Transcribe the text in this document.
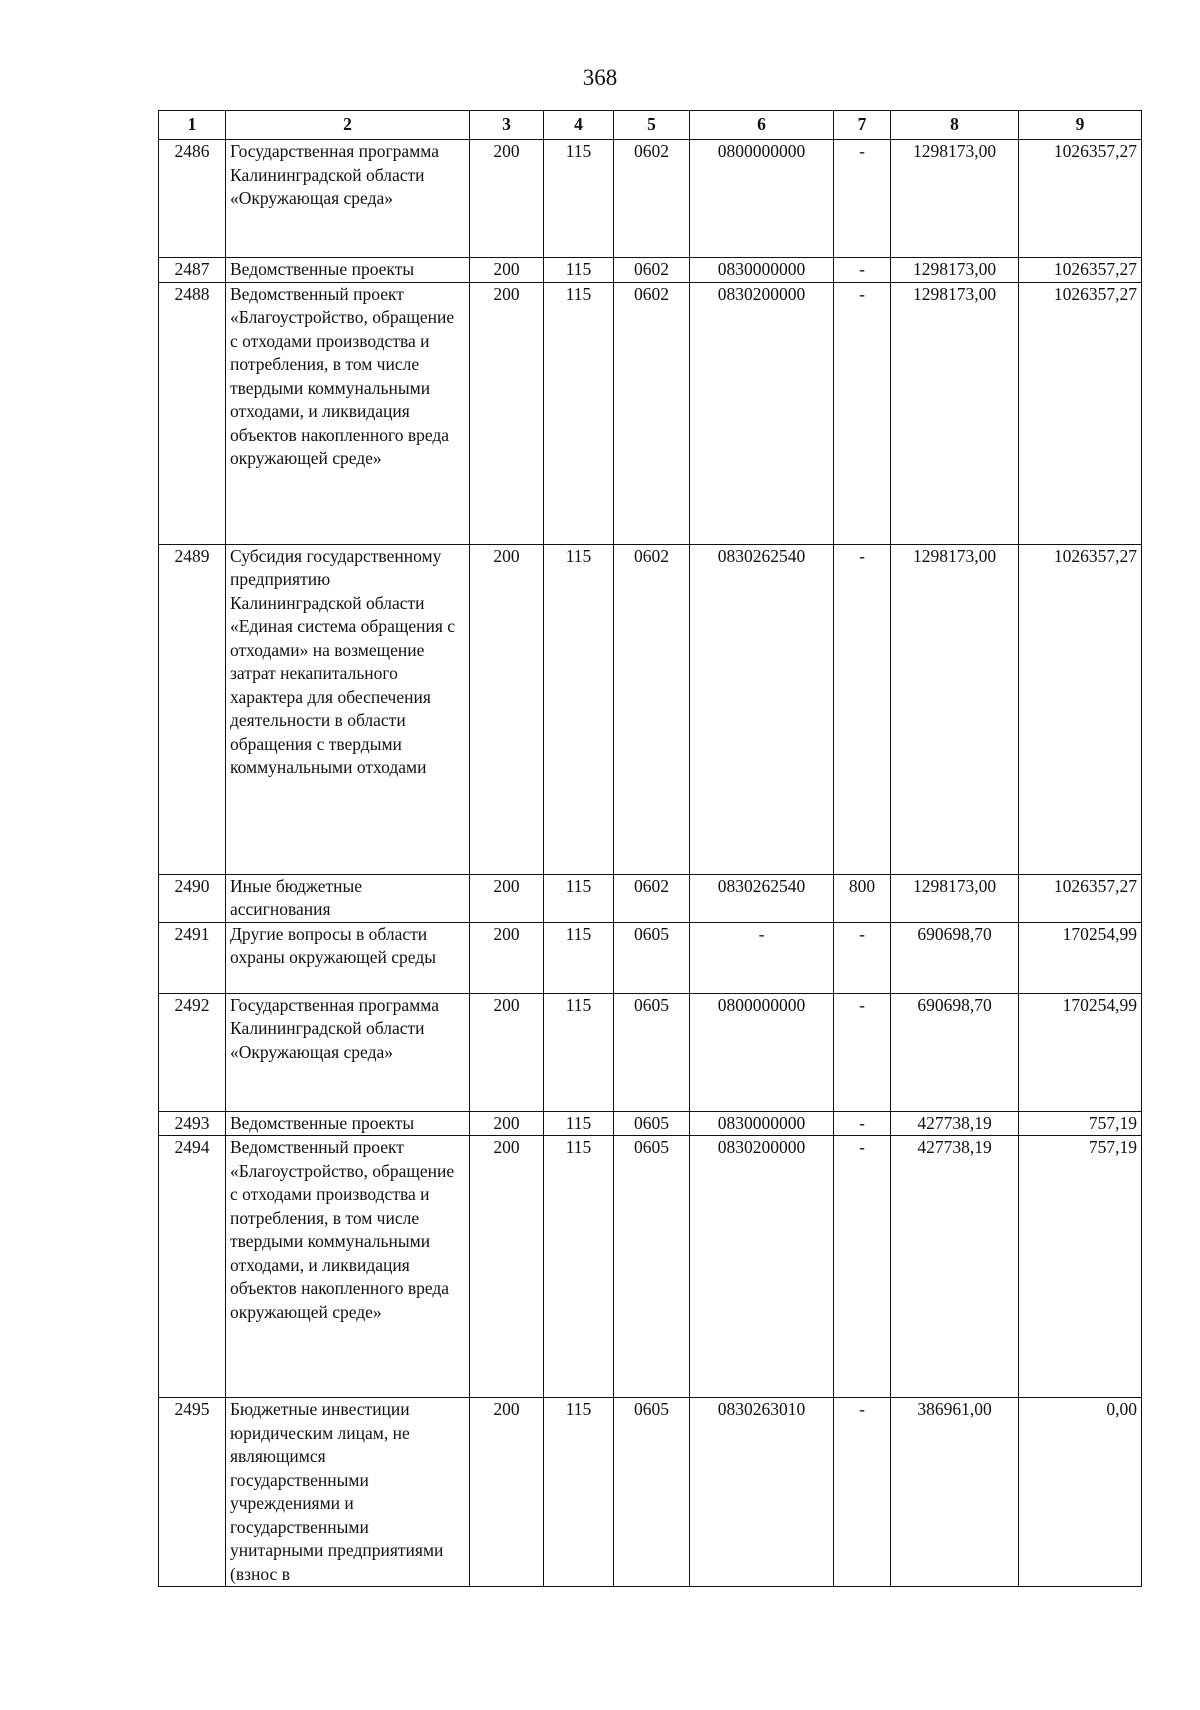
368
1	2	3	4	5	6	7	8	9
2486	Государственная программа Калининградской области «Окружающая среда»	200	115	0602	0800000000	-	1298173,00	1026357,27
2487	Ведомственные проекты	200	115	0602	0830000000	-	1298173,00	1026357,27
2488	Ведомственный проект «Благоустройство, обращение с отходами производства и потребления, в том числе твердыми коммунальными отходами, и ликвидация объектов накопленного вреда окружающей среде»	200	115	0602	0830200000	-	1298173,00	1026357,27
2489	Субсидия государственному предприятию Калининградской области «Единая система обращения с отходами» на возмещение затрат некапитального характера для обеспечения деятельности в области обращения с твердыми коммунальными отходами	200	115	0602	0830262540	-	1298173,00	1026357,27
2490	Иные бюджетные ассигнования	200	115	0602	0830262540	800	1298173,00	1026357,27
2491	Другие вопросы в области охраны окружающей среды	200	115	0605	-	-	690698,70	170254,99
2492	Государственная программа Калининградской области «Окружающая среда»	200	115	0605	0800000000	-	690698,70	170254,99
2493	Ведомственные проекты	200	115	0605	0830000000	-	427738,19	757,19
2494	Ведомственный проект «Благоустройство, обращение с отходами производства и потребления, в том числе твердыми коммунальными отходами, и ликвидация объектов накопленного вреда окружающей среде»	200	115	0605	0830200000	-	427738,19	757,19
2495	Бюджетные инвестиции юридическим лицам, не являющимся государственными учреждениями и государственными унитарными предприятиями (взнос в	200	115	0605	0830263010	-	386961,00	0,00
